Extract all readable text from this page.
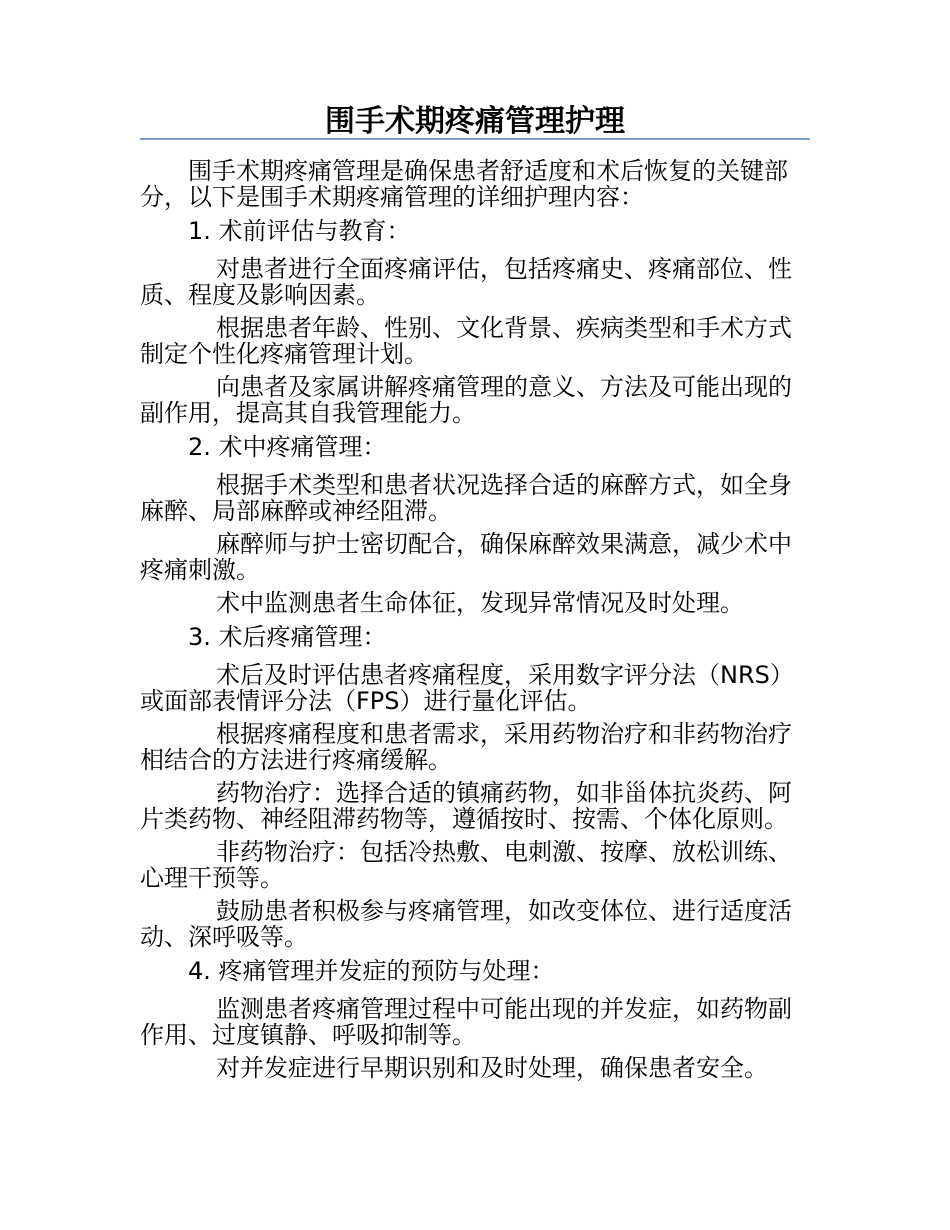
围手术期疼痛管理护理

围手术期疼痛管理是确保患者舒适度和术后恢复的关键部分，以下是围手术期疼痛管理的详细护理内容：

1. 术前评估与教育：

对患者进行全面疼痛评估，包括疼痛史、疼痛部位、性质、程度及影响因素。

根据患者年龄、性别、文化背景、疾病类型和手术方式制定个性化疼痛管理计划。

向患者及家属讲解疼痛管理的意义、方法及可能出现的副作用，提高其自我管理能力。

2. 术中疼痛管理：

根据手术类型和患者状况选择合适的麻醉方式，如全身麻醉、局部麻醉或神经阻滞。

麻醉师与护士密切配合，确保麻醉效果满意，减少术中疼痛刺激。

术中监测患者生命体征，发现异常情况及时处理。

3. 术后疼痛管理：

术后及时评估患者疼痛程度，采用数字评分法（NRS）或面部表情评分法（FPS）进行量化评估。

根据疼痛程度和患者需求，采用药物治疗和非药物治疗相结合的方法进行疼痛缓解。

药物治疗：选择合适的镇痛药物，如非甾体抗炎药、阿片类药物、神经阻滞药物等，遵循按时、按需、个体化原则。

非药物治疗：包括冷热敷、电刺激、按摩、放松训练、心理干预等。

鼓励患者积极参与疼痛管理，如改变体位、进行适度活动、深呼吸等。

4. 疼痛管理并发症的预防与处理：

监测患者疼痛管理过程中可能出现的并发症，如药物副作用、过度镇静、呼吸抑制等。

对并发症进行早期识别和及时处理，确保患者安全。
